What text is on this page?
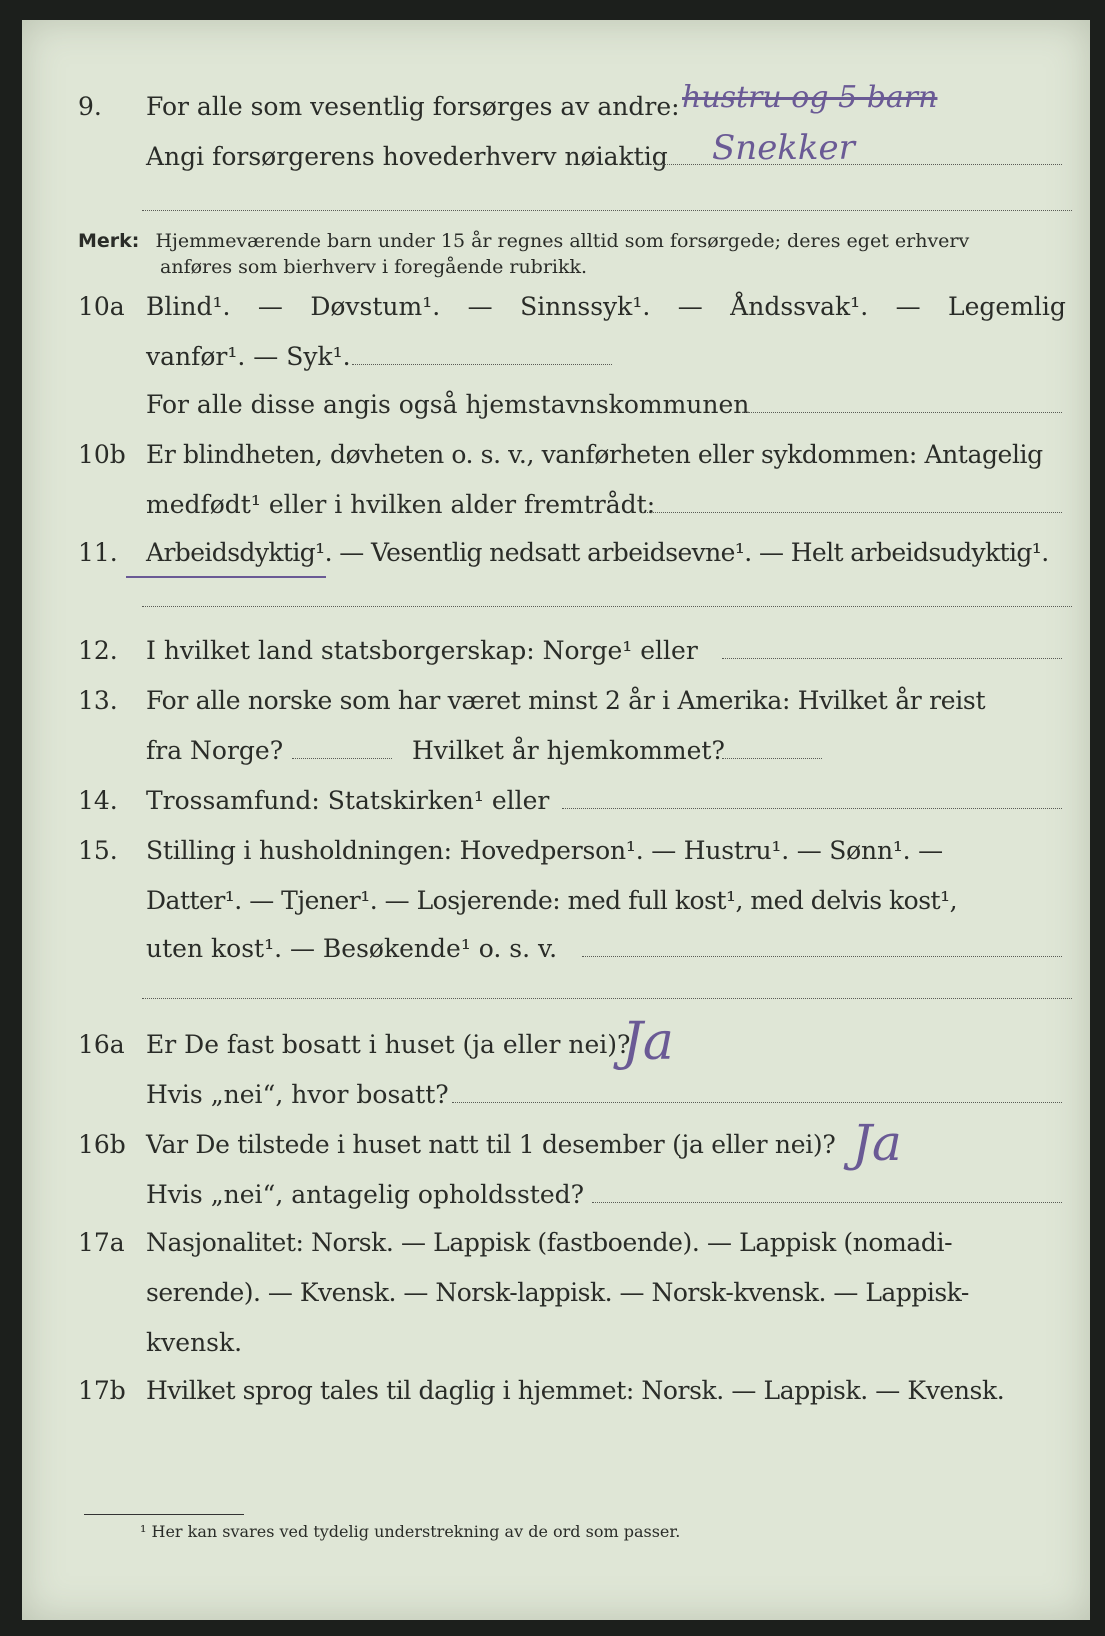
9. For alle som vesentlig forsørges av andre: hustru og 5 barn
Angi forsørgerens hovederhverv nøiaktig Snekker
Merk: Hjemmeværende barn under 15 år regnes alltid som forsørgede; deres eget erhverv
anføres som bierhverv i foregående rubrikk.
10a Blind¹. — Døvstum¹. — Sinnssyk¹. — Åndssvak¹. — Legemlig
vanfør¹. — Syk¹.
For alle disse angis også hjemstavnskommunen
10b Er blindheten, døvheten o. s. v., vanførheten eller sykdommen: Antagelig
medfødt¹ eller i hvilken alder fremtrådt:
11. Arbeidsdyktig¹. — Vesentlig nedsatt arbeidsevne¹. — Helt arbeidsudyktig¹.
12. I hvilket land statsborgerskap: Norge¹ eller
13. For alle norske som har været minst 2 år i Amerika: Hvilket år reist
fra Norge?	Hvilket år hjemkommet?
14. Trossamfund: Statskirken¹ eller
15. Stilling i husholdningen: Hovedperson¹. — Hustru¹. — Sønn¹. —
Datter¹. — Tjener¹. — Losjerende: med full kost¹, med delvis kost¹,
uten kost¹. — Besøkende¹ o. s. v.
16a Er De fast bosatt i huset (ja eller nei)?
Ja
Hvis „nei“, hvor bosatt?
16b Var De tilstede i huset natt til 1 desember (ja eller nei)? Ja
Hvis „nei“, antagelig opholdssted?
17a Nasjonalitet: Norsk. — Lappisk (fastboende). — Lappisk (nomadi-
serende). — Kvensk. — Norsk-lappisk. — Norsk-kvensk. — Lappisk-
kvensk.
17b Hvilket sprog tales til daglig i hjemmet: Norsk. — Lappisk. — Kvensk.
¹ Her kan svares ved tydelig understrekning av de ord som passer.
